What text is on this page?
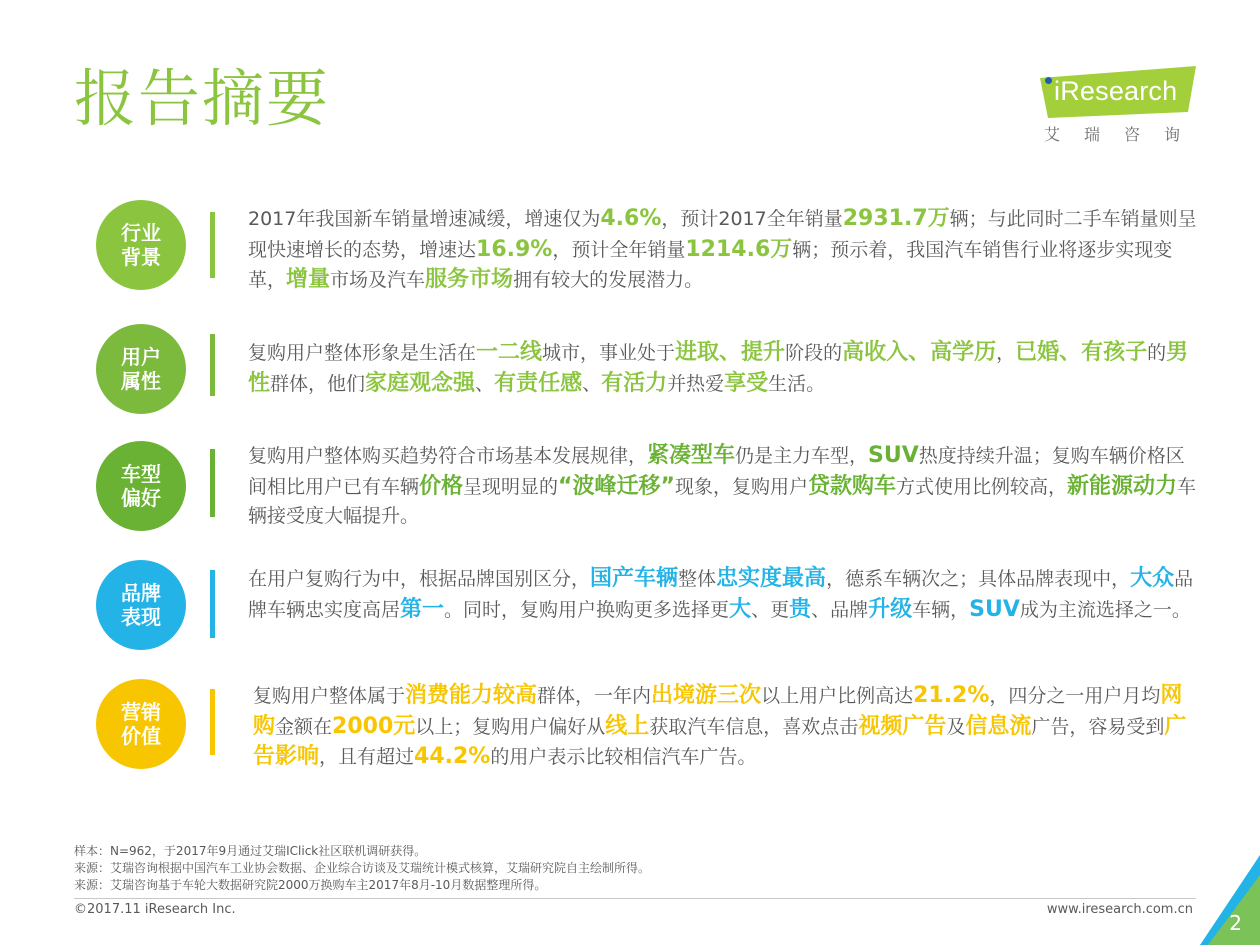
报告摘要	iResearch
艾瑞咨询
行业
背景
2017年我国新车销量增速减缓，增速仅为4.6%，预计2017全年销量2931.7万辆；与此同时二手车销量则呈现快速增长的态势，增速达16.9%，预计全年销量1214.6万辆；预示着，我国汽车销售行业将逐步实现变革，增量市场及汽车服务市场拥有较大的发展潜力。
用户
属性
复购用户整体形象是生活在一二线城市，事业处于进取、提升阶段的高收入、高学历，已婚、有孩子的男性群体，他们家庭观念强、有责任感、有活力并热爱享受生活。
车型
偏好
复购用户整体购买趋势符合市场基本发展规律，紧凑型车仍是主力车型，SUV热度持续升温；复购车辆价格区间相比用户已有车辆价格呈现明显的“波峰迁移”现象，复购用户贷款购车方式使用比例较高，新能源动力车辆接受度大幅提升。
品牌
表现
在用户复购行为中，根据品牌国别区分，国产车辆整体忠实度最高，德系车辆次之；具体品牌表现中，大众品牌车辆忠实度高居第一。同时，复购用户换购更多选择更大、更贵、品牌升级车辆，SUV成为主流选择之一。
营销
价值
复购用户整体属于消费能力较高群体，一年内出境游三次以上用户比例高达21.2%，四分之一用户月均网购金额在2000元以上；复购用户偏好从线上获取汽车信息，喜欢点击视频广告及信息流广告，容易受到广告影响，且有超过44.2%的用户表示比较相信汽车广告。
样本：N=962，于2017年9月通过艾瑞IClick社区联机调研获得。
来源：艾瑞咨询根据中国汽车工业协会数据、企业综合访谈及艾瑞统计模式核算，艾瑞研究院自主绘制所得。
来源：艾瑞咨询基于车轮大数据研究院2000万换购车主2017年8月-10月数据整理所得。
©2017.11 iResearch Inc.	www.iresearch.com.cn
2
